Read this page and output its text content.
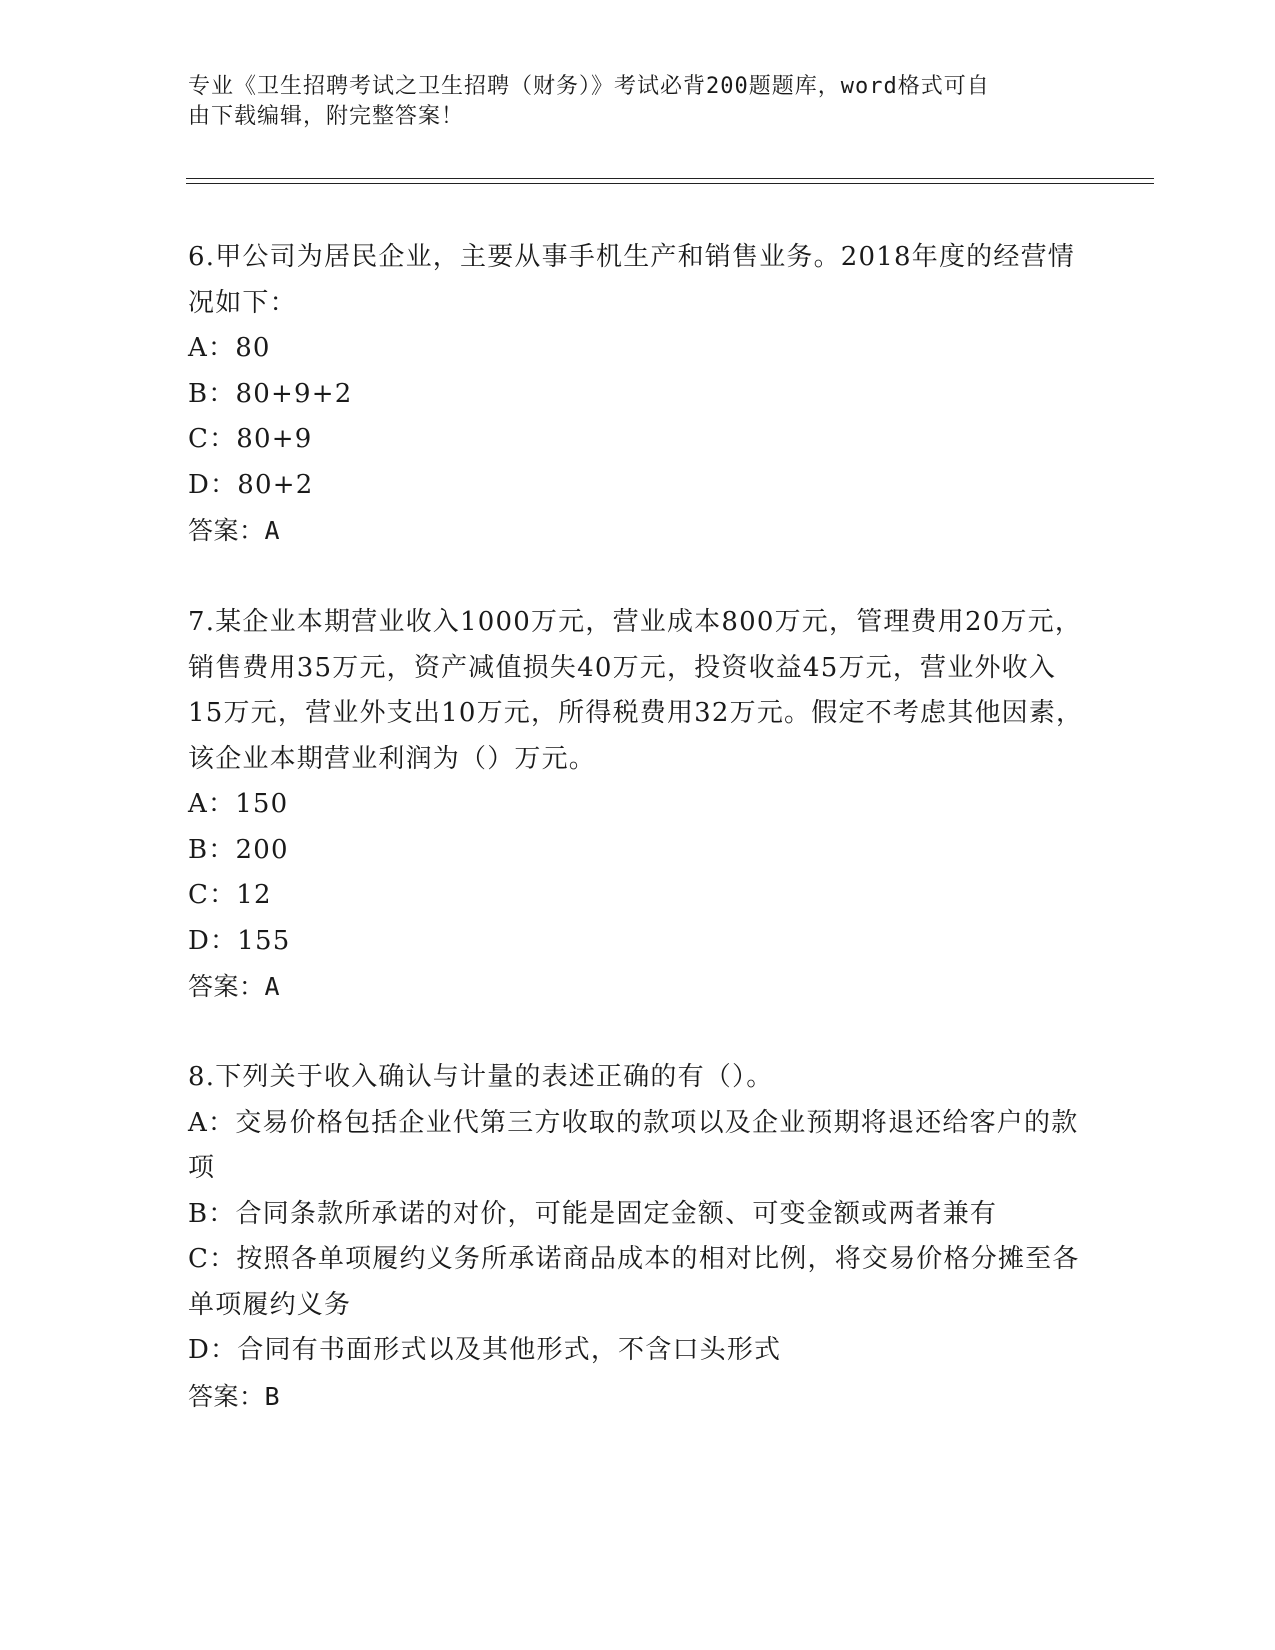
专业《卫生招聘考试之卫生招聘（财务）》考试必背200题题库，word格式可自
由下载编辑，附完整答案！
6.甲公司为居民企业，主要从事手机生产和销售业务。2018年度的经营情况如下：
A：80
B：80+9+2
C：80+9
D：80+2
答案：A
7.某企业本期营业收入1000万元，营业成本800万元，管理费用20万元，销售费用35万元，资产减值损失40万元，投资收益45万元，营业外收入15万元，营业外支出10万元，所得税费用32万元。假定不考虑其他因素，该企业本期营业利润为（）万元。
A：150
B：200
C：12
D：155
答案：A
8.下列关于收入确认与计量的表述正确的有（）。
A：交易价格包括企业代第三方收取的款项以及企业预期将退还给客户的款项
B：合同条款所承诺的对价，可能是固定金额、可变金额或两者兼有
C：按照各单项履约义务所承诺商品成本的相对比例，将交易价格分摊至各单项履约义务
D：合同有书面形式以及其他形式，不含口头形式
答案：B
